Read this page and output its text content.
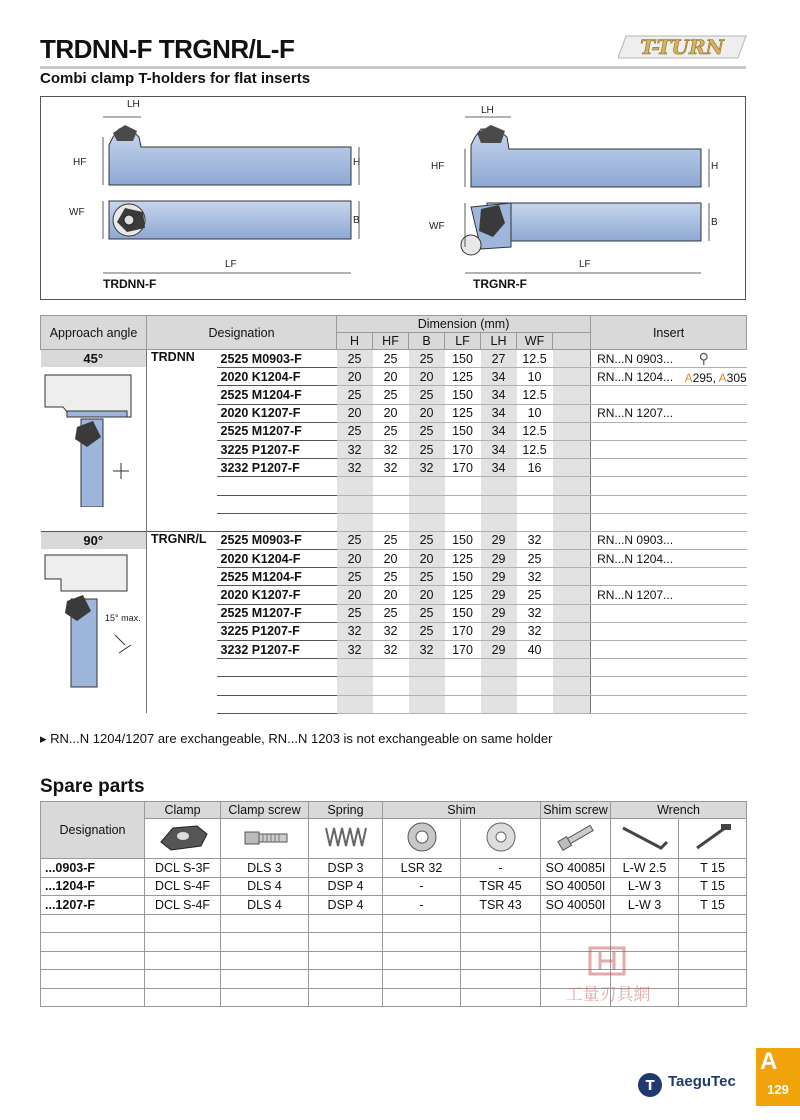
TRDNN-F TRGNR/L-F
Combi clamp T-holders for flat inserts
T-TURN
LH
HF	H
WF
B
LF
TRDNN-F
LH
HF	H
WF	B
LF
TRGNR-F
Approach angle	Designation		Dimension (mm)							Insert	
			H	HF	B	LF	LH	WF			

45°	TRDNN	2525 M0903-F	25	25	25	150	27	12.5		RN...N 0903...	⚲

		2020 K1204-F	20	20	20	125	34	10		RN...N 1204...	A295, A305

		2525 M1204-F	25	25	25	150	34	12.5			
		2020 K1207-F	20	20	20	125	34	10		RN...N 1207...	
		2525 M1207-F	25	25	25	150	34	12.5			
		3225 P1207-F	32	32	25	170	34	12.5			
		3232 P1207-F	32	32	32	170	34	16			

90°
15° max.	TRGNR/L	2525 M0903-F	25	25	25	150	29	32		RN...N 0903...	
		2020 K1204-F	20	20	20	125	29	25		RN...N 1204...	
		2525 M1204-F	25	25	25	150	29	32			
		2020 K1207-F	20	20	20	125	29	25		RN...N 1207...	
		2525 M1207-F	25	25	25	150	29	32			
		3225 P1207-F	32	32	25	170	29	32			
		3232 P1207-F	32	32	32	170	29	40			

▸ RN...N 1204/1207 are exchangeable, RN...N 1203 is not exchangeable on same holder
Spare parts
Designation	Clamp	Clamp screw	Spring	Shim		Shim screw	Wrench	

...0903-F	DCL S-3F	DLS 3	DSP 3	LSR 32	-	SO 40085I	L-W 2.5	T 15
...1204-F	DCL S-4F	DLS 4	DSP 4	-	TSR 45	SO 40050I	L-W 3	T 15
...1207-F	DCL S-4F	DLS 4	DSP 4	-	TSR 43	SO 40050I	L-W 3	T 15

工量刃具網
T TaeguTec
A
129
